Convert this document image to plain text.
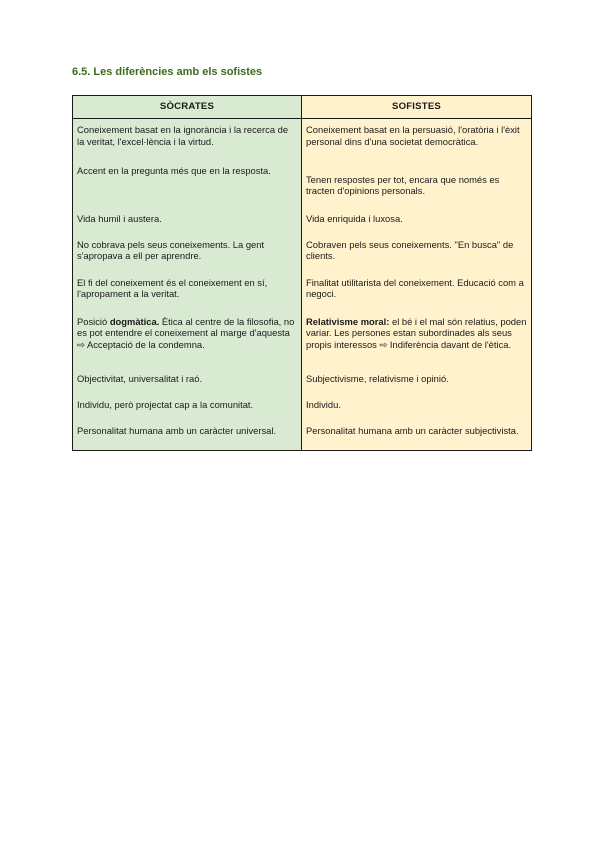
6.5. Les diferències amb els sofistes
SÒCRATES	SOFISTES

Coneixement basat en la ignorància i la recerca de la veritat, l'excel·lència i la virtud.	Coneixement basat en la persuasió, l'oratòria i l'èxit personal dins d'una societat democràtica.

Accent en la pregunta més que en la resposta.	Tenen respostes per tot, encara que només es tracten d'opinions personals.

Vida humil i austera.	Vida enriquida i luxosa.

No cobrava pels seus coneixements. La gent s'apropava a ell per aprendre.	Cobraven pels seus coneixements. "En busca" de clients.

El fi del coneixement és el coneixement en sí, l'apropament a la veritat.	Finalitat utilitarista del coneixement. Educació com a negoci.

Posició dogmàtica. Ètica al centre de la filosofia, no es pot entendre el coneixement al marge d'aquesta ⇨ Acceptació de la condemna.	Relativisme moral: el bé i el mal són relatius, poden variar. Les persones estan subordinades als seus propis interessos ⇨ Indiferència davant de l'ètica.

Objectivitat, universalitat i raó.	Subjectivisme, relativisme i opinió.

Individu, però projectat cap a la comunitat.	Individu.

Personalitat humana amb un caràcter universal.	Personalitat humana amb un caràcter subjectivista.
